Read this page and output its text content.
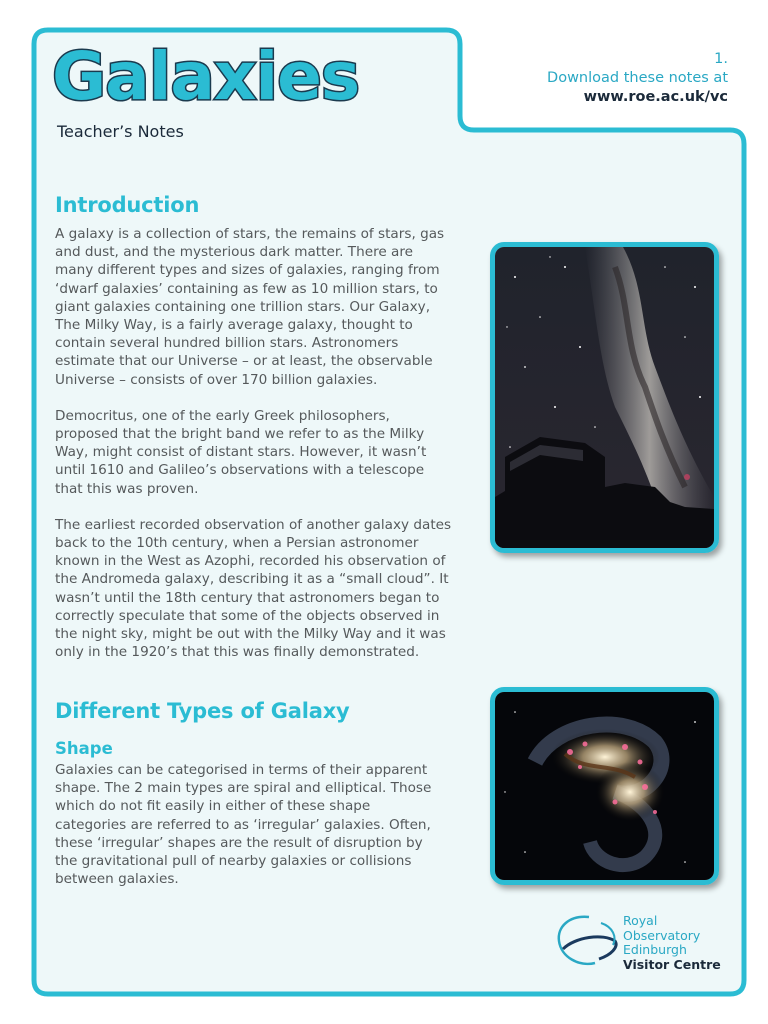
Galaxies
Teacher’s Notes
1.
Download these notes at
www.roe.ac.uk/vc
Introduction

A galaxy is a collection of stars, the remains of stars, gas and dust, and the mysterious dark matter. There are many different types and sizes of galaxies, ranging from ‘dwarf galaxies’ containing as few as 10 million stars, to giant galaxies containing one trillion stars. Our Galaxy, The Milky Way, is a fairly average galaxy, thought to contain several hundred billion stars. Astronomers estimate that our Universe – or at least, the observable Universe – consists of over 170 billion galaxies.

Democritus, one of the early Greek philosophers, proposed that the bright band we refer to as the Milky Way, might consist of distant stars. However, it wasn’t until 1610 and Galileo’s observations with a telescope that this was proven.

The earliest recorded observation of another galaxy dates back to the 10th century, when a Persian astronomer known in the West as Azophi, recorded his observation of the Andromeda galaxy, describing it as a “small cloud”. It wasn’t until the 18th century that astronomers began to correctly speculate that some of the objects observed in the night sky, might be out with the Milky Way and it was only in the 1920’s that this was finally demonstrated.

Different Types of Galaxy
Shape

Galaxies can be categorised in terms of their apparent shape. The 2 main types are spiral and elliptical. Those which do not fit easily in either of these shape categories are referred to as ‘irregular’ galaxies. Often, these ‘irregular’ shapes are the result of disruption by the gravitational pull of nearby galaxies or collisions between galaxies.

Royal
Observatory
Edinburgh
Visitor Centre
